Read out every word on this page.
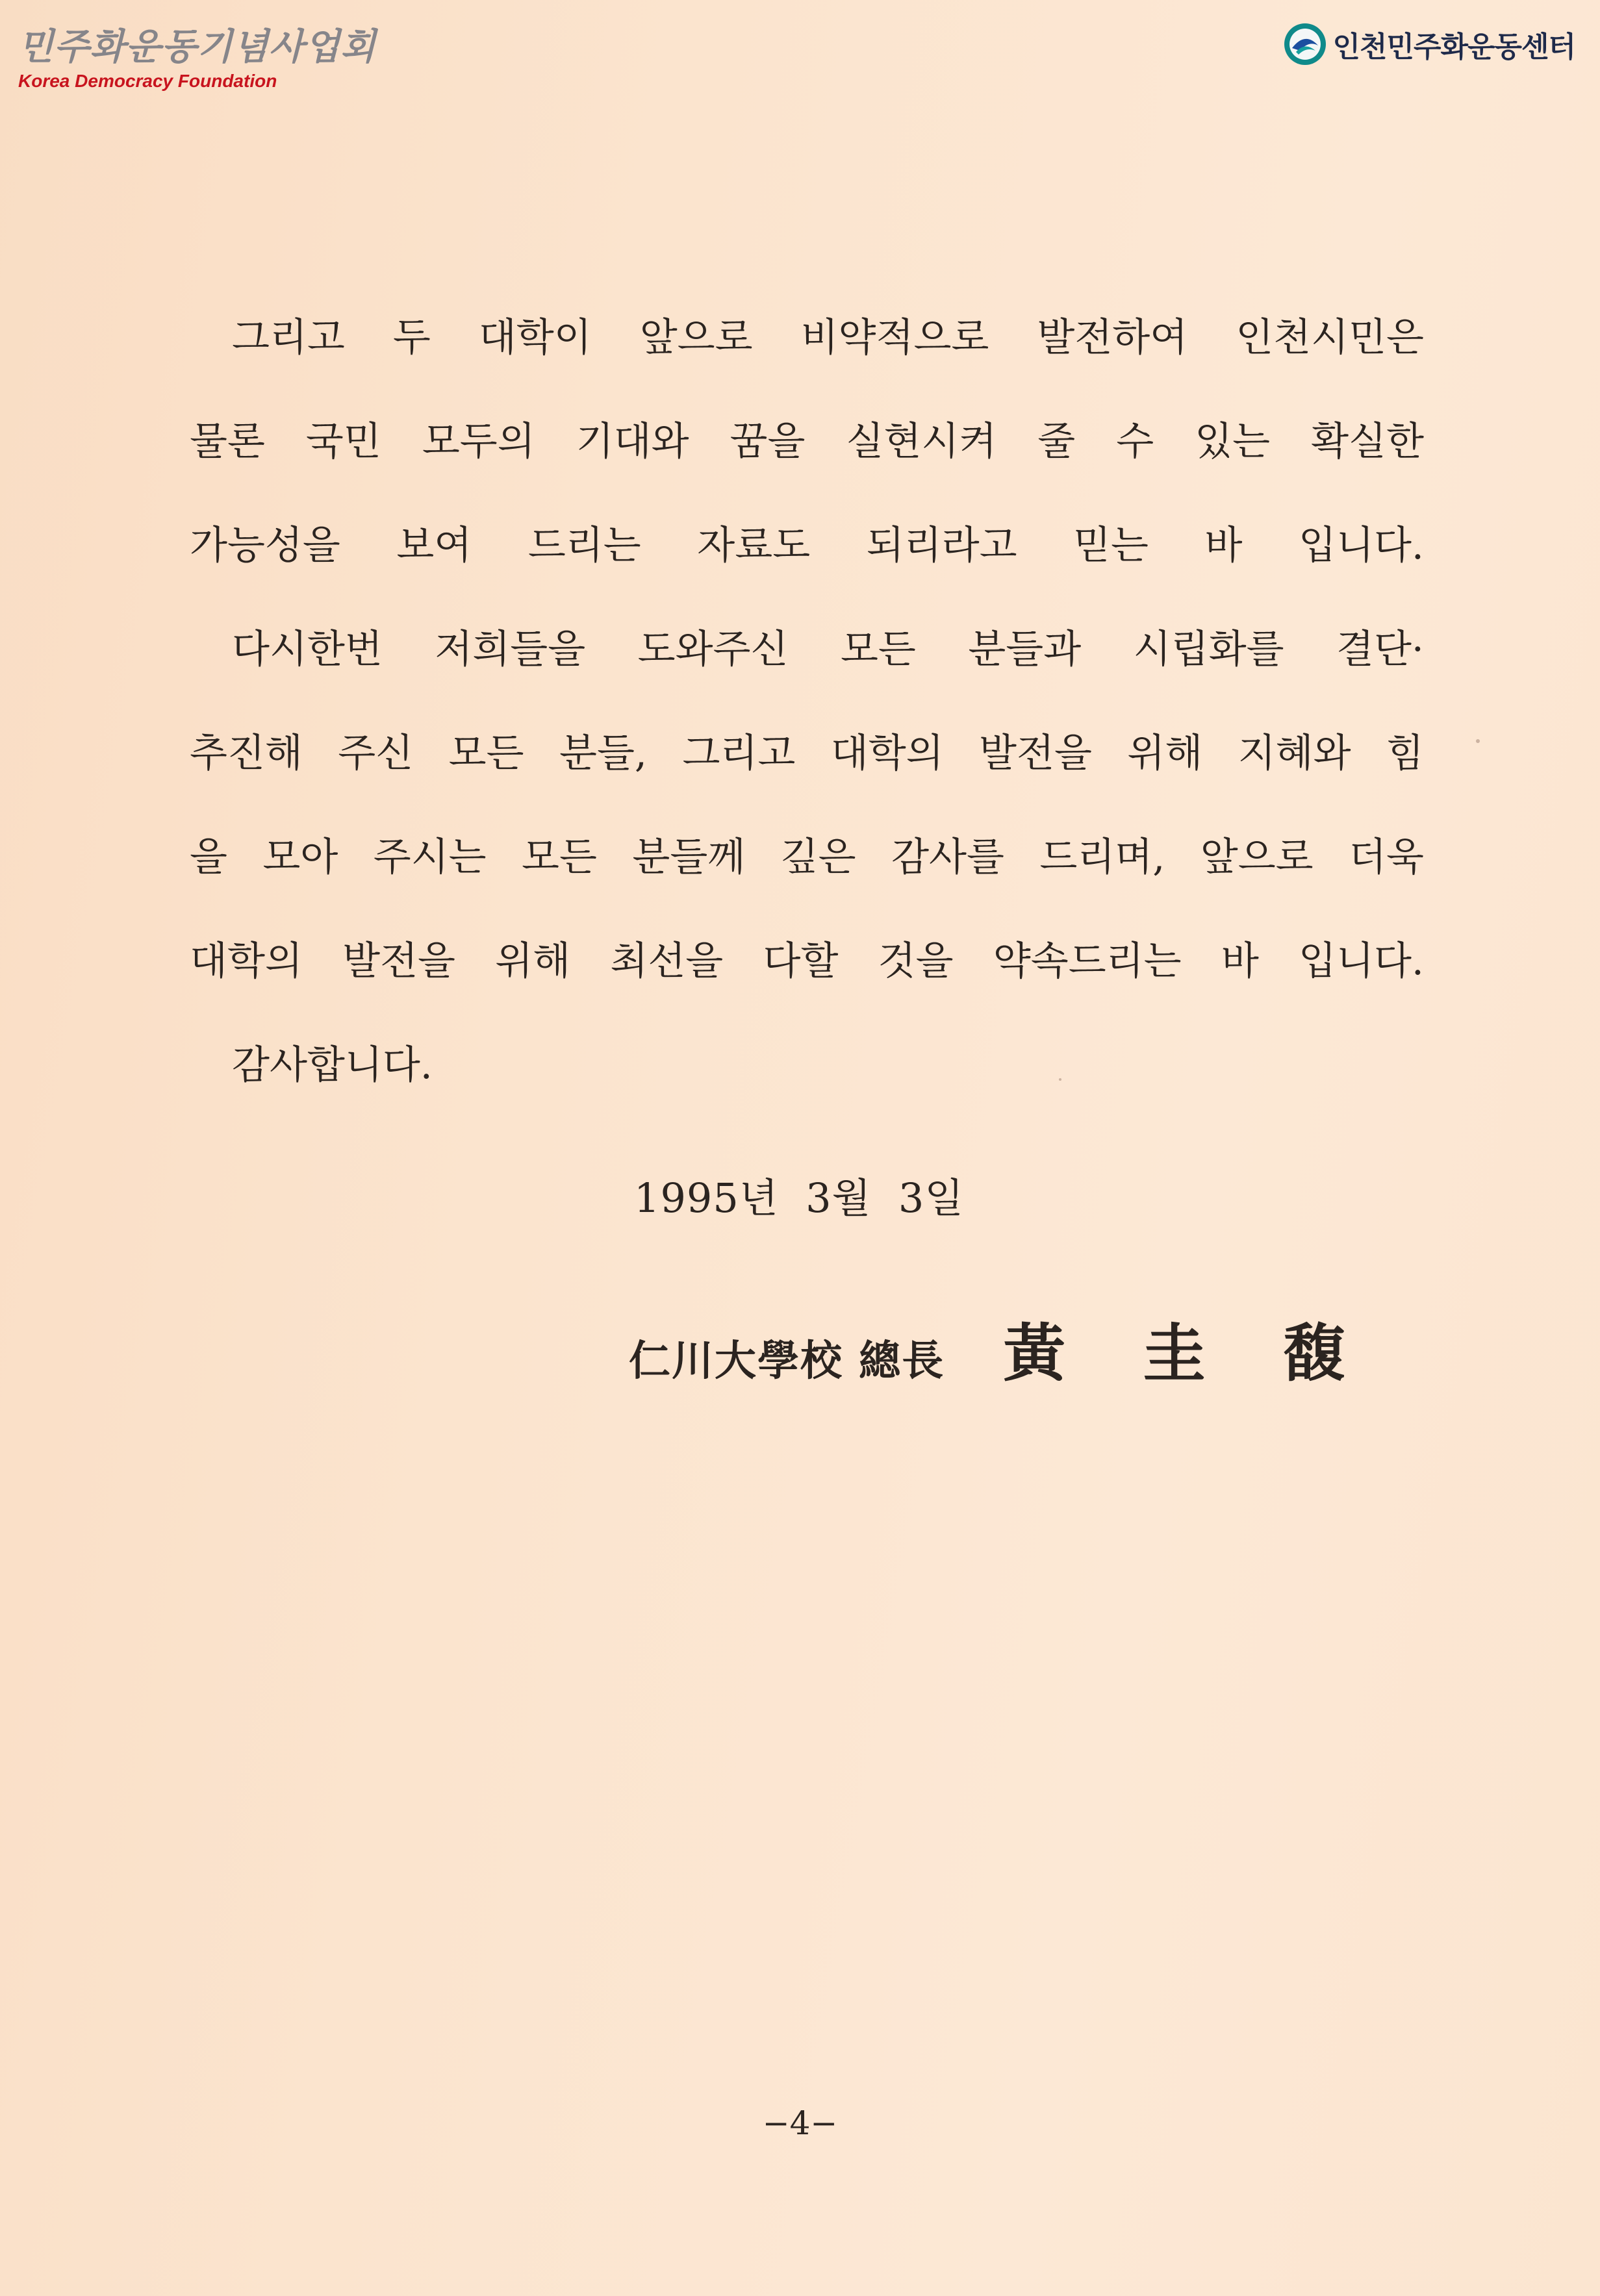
민주화운동기념사업회
Korea Democracy Foundation
인천민주화운동센터
그리고 두 대학이 앞으로 비약적으로 발전하여 인천시민은
물론 국민 모두의 기대와 꿈을 실현시켜 줄 수 있는 확실한
가능성을 보여 드리는 자료도 되리라고 믿는 바 입니다.
다시한번 저희들을 도와주신 모든 분들과 시립화를 결단·
추진해 주신 모든 분들, 그리고 대학의 발전을 위해 지혜와 힘
을 모아 주시는 모든 분들께 깊은 감사를 드리며, 앞으로 더욱
대학의 발전을 위해 최선을 다할 것을 약속드리는 바 입니다.
감사합니다.
1995년  3월  3일
仁川大學校 總長 黃 圭 馥
−4−
